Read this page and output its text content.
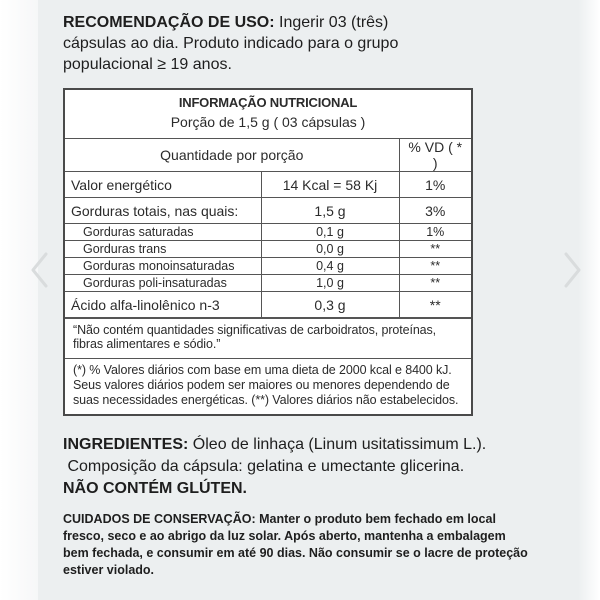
RECOMENDAÇÃO DE USO: Ingerir 03 (três)
cápsulas ao dia. Produto indicado para o grupo
populacional ≥ 19 anos.
INFORMAÇÃO NUTRICIONAL
Porção de 1,5 g ( 03 cápsulas )
Quantidade por porção		% VD ( * )
Valor energético	14 Kcal = 58 Kj	1%
Gorduras totais, nas quais:	1,5 g	3%
Gorduras saturadas	0,1 g	1%
Gorduras trans	0,0 g	**
Gorduras monoinsaturadas	0,4 g	**
Gorduras poli-insaturadas	1,0 g	**
Ácido alfa-linolênico n-3	0,3 g	**
“Não contém quantidades significativas de carboidratos, proteínas, fibras alimentares e sódio.”
(*) % Valores diários com base em uma dieta de 2000 kcal e 8400 kJ. Seus valores diários podem ser maiores ou menores dependendo de suas necessidades energéticas. (**) Valores diários não estabelecidos.
INGREDIENTES: Óleo de linhaça (Linum usitatissimum L.).
Composição da cápsula: gelatina e umectante glicerina.
NÃO CONTÉM GLÚTEN.
CUIDADOS DE CONSERVAÇÃO: Manter o produto bem fechado em local fresco, seco e ao abrigo da luz solar. Após aberto, mantenha a embalagem bem fechada, e consumir em até 90 dias. Não consumir se o lacre de proteção estiver violado.
